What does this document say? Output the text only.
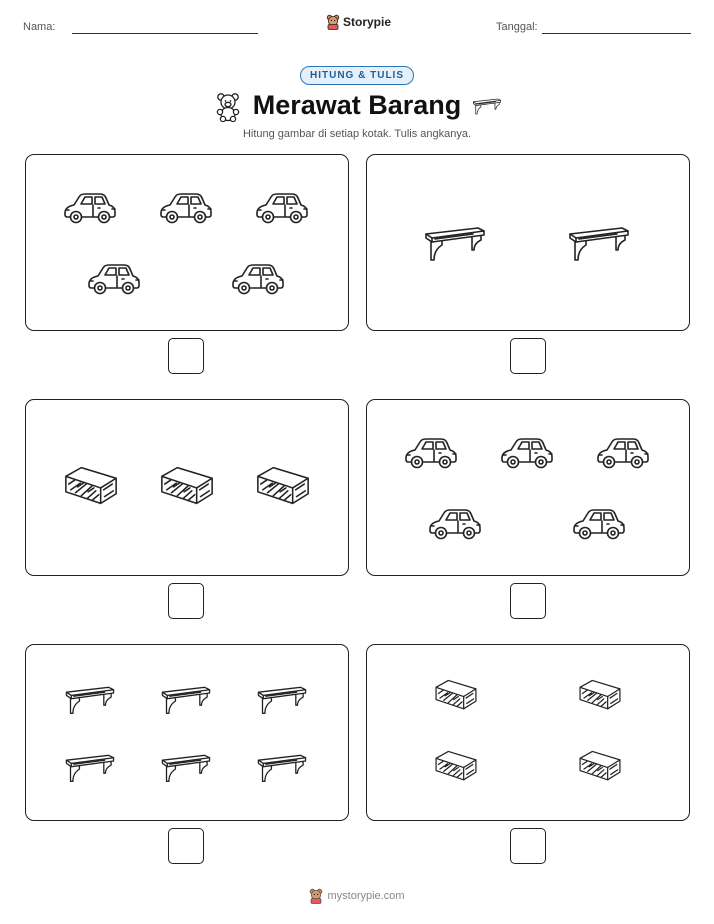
Nama:	Storypie	Tanggal:
HITUNG & TULIS
Merawat Barang
Hitung gambar di setiap kotak. Tulis angkanya.
mystorypie.com
